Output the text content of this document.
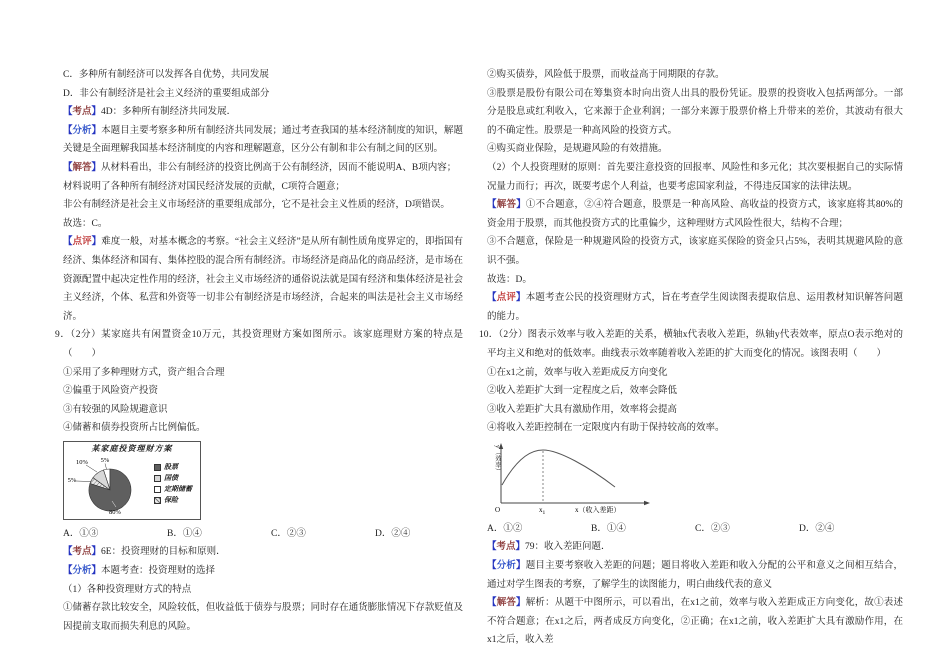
C．多种所有制经济可以发挥各自优势，共同发展
D．非公有制经济是社会主义经济的重要组成部分
【考点】4D：多种所有制经济共同发展．
【分析】本题目主要考察多种所有制经济共同发展；通过考查我国的基本经济制度的知识，解题关键是全面理解我国基本经济制度的内容和理解题意，区分公有制和非公有制之间的区别。
【解答】从材料看出，非公有制经济的投资比例高于公有制经济，因而不能说明A、B项内容；
材料说明了各种所有制经济对国民经济发展的贡献，C项符合题意；
非公有制经济是社会主义市场经济的重要组成部分，它不是社会主义性质的经济，D项错误。
故选：C。
【点评】难度一般，对基本概念的考察。“社会主义经济”是从所有制性质角度界定的，即指国有经济、集体经济和国有、集体控股的混合所有制经济。市场经济是商品化的商品经济，是市场在资源配置中起决定性作用的经济，社会主义市场经济的通俗说法就是国有经济和集体经济是社会主义经济，个体、私营和外资等一切非公有制经济是市场经济，合起来的叫法是社会主义市场经济。
9．（2分）某家庭共有闲置资金10万元，其投资理财方案如图所示。该家庭理财方案的特点是（　　）
①采用了多种理财方式，资产组合合理
②偏重于风险资产投资
③有较强的风险规避意识
④储蓄和债券投资所占比例偏低。
某家庭投资理财方案
10% 5%
5%
80%
股票
国债
定期储蓄
保险
A．①③	B．①④	C．②③	D．②④
【考点】6E：投资理财的目标和原则．
【分析】本题考查：投资理财的选择
（1）各种投资理财方式的特点
①储蓄存款比较安全，风险较低，但收益低于债券与股票；同时存在通货膨胀情况下存款贬值及因提前支取而损失利息的风险。
②购买债券，风险低于股票，而收益高于同期限的存款。
③股票是股份有限公司在筹集资本时向出资人出具的股份凭证。股票的投资收入包括两部分。一部分是股息或红利收入，它来源于企业利润；一部分来源于股票价格上升带来的差价，其波动有很大的不确定性。股票是一种高风险的投资方式。
④购买商业保险，是规避风险的有效措施。
（2）个人投资理财的原则：首先要注意投资的回报率、风险性和多元化；其次要根据自己的实际情况量力而行；再次，既要考虑个人利益，也要考虑国家利益，不得违反国家的法律法规。
【解答】①不合题意，②④符合题意，股票是一种高风险、高收益的投资方式，该家庭将其80%的资金用于股票，而其他投资方式的比重偏少，这种理财方式风险性很大，结构不合理；
③不合题意，保险是一种规避风险的投资方式，该家庭买保险的资金只占5%，表明其规避风险的意识不强。
故选：D。
【点评】本题考查公民的投资理财方式，旨在考查学生阅读图表提取信息、运用教材知识解答问题的能力。
10．（2分）图表示效率与收入差距的关系，横轴x代表收入差距，纵轴y代表效率，原点O表示绝对的平均主义和绝对的低效率。曲线表示效率随着收入差距的扩大而变化的情况。该图表明（　　）
①在x1之前，效率与收入差距成反方向变化
②收入差距扩大到一定程度之后，效率会降低
③收入差距扩大具有激励作用，效率将会提高
④将收入差距控制在一定限度内有助于保持较高的效率。
O	$x_1$	x（收入差距）
y（效率）
A．①②	B．①④	C．②③	D．②④
【考点】79：收入差距问题．
【分析】题目主要考察收入差距的问题；题目将收入差距和收入分配的公平和意义之间相互结合，通过对学生图表的考察，了解学生的读图能力，明白曲线代表的意义
【解答】解析：从题干中图所示，可以看出，在x1之前，效率与收入差距成正方向变化，故①表述不符合题意；在x1之后，两者成反方向变化，②正确；在x1之前，收入差距扩大具有激励作用，在x1之后，收入差
